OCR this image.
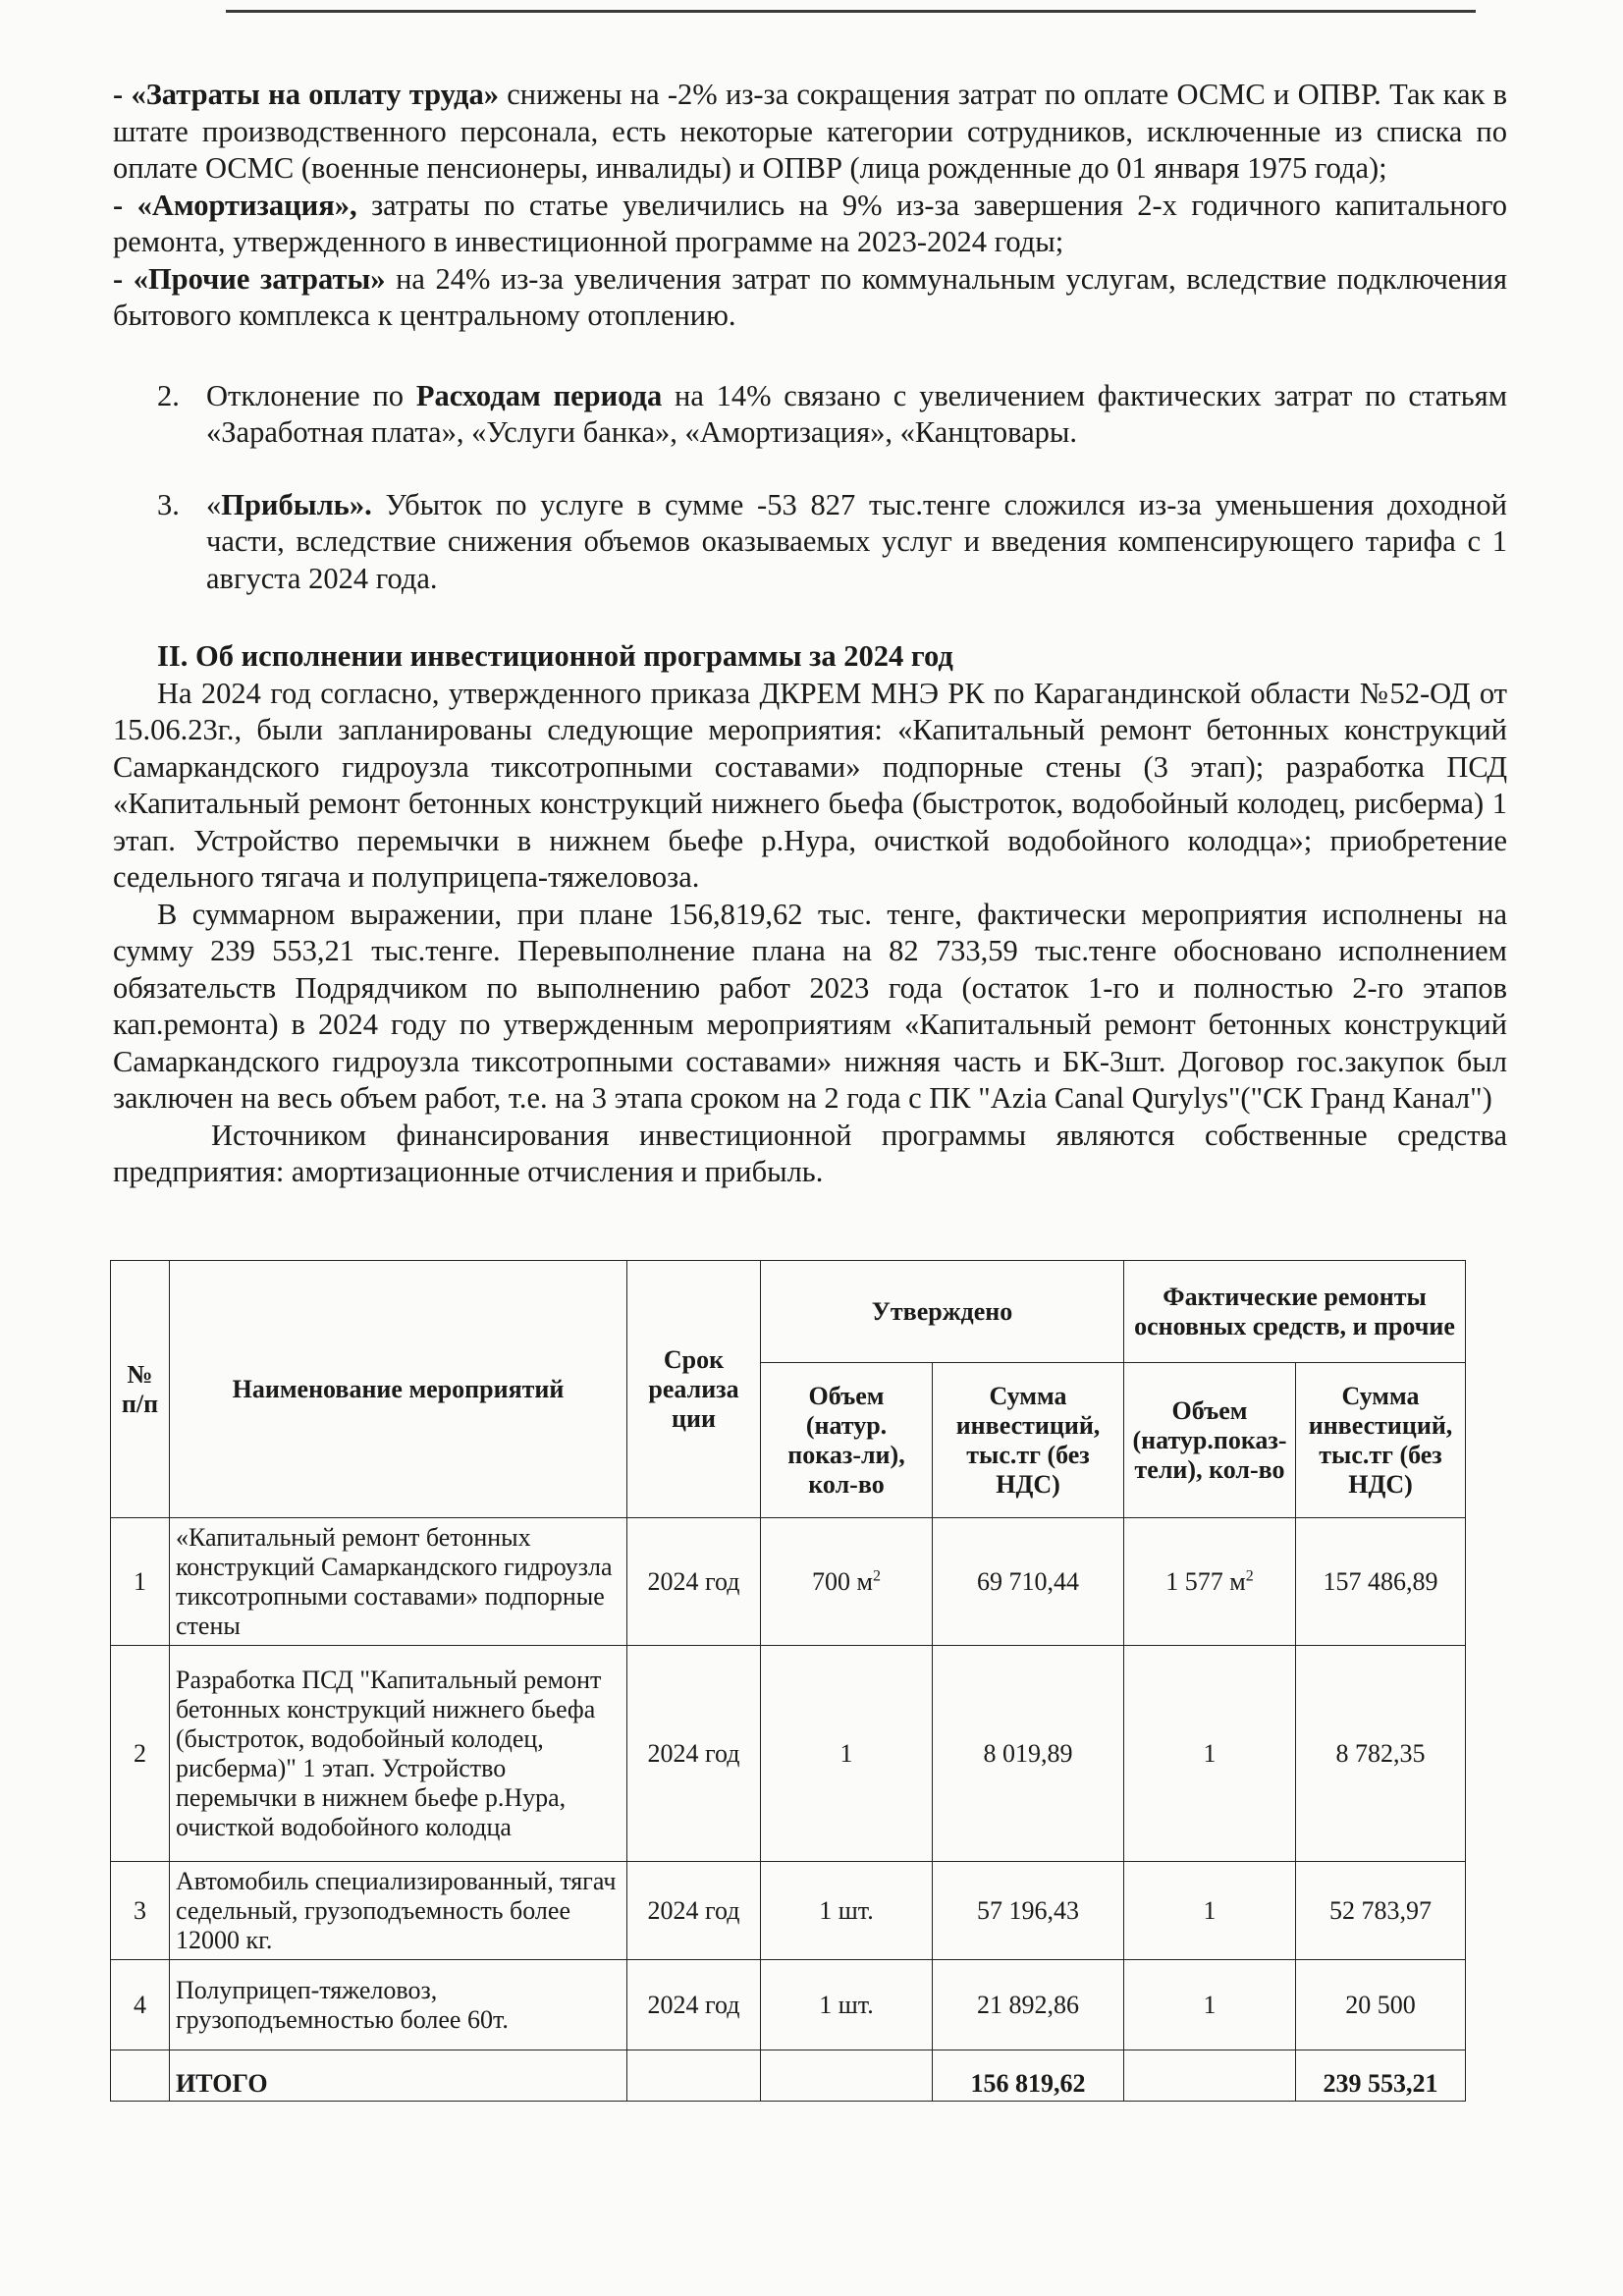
- «Затраты на оплату труда» снижены на -2% из-за сокращения затрат по оплате ОСМС и ОПВР. Так как в штате производственного персонала, есть некоторые категории сотрудников, исключенные из списка по оплате ОСМС (военные пенсионеры, инвалиды) и ОПВР (лица рожденные до 01 января 1975 года);

- «Амортизация», затраты по статье увеличились на 9% из-за завершения 2-х годичного капитального ремонта, утвержденного в инвестиционной программе на 2023-2024 годы;

- «Прочие затраты» на 24% из-за увеличения затрат по коммунальным услугам, вследствие подключения бытового комплекса к центральному отоплению.

2. Отклонение по Расходам периода на 14% связано с увеличением фактических затрат по статьям «Заработная плата», «Услуги банка», «Амортизация», «Канцтовары.
3. «Прибыль». Убыток по услуге в сумме -53 827 тыс.тенге сложился из-за уменьшения доходной части, вследствие снижения объемов оказываемых услуг и введения компенсирующего тарифа с 1 августа 2024 года.
II. Об исполнении инвестиционной программы за 2024 год

На 2024 год согласно, утвержденного приказа ДКРЕМ МНЭ РК по Карагандинской области №52-ОД от 15.06.23г., были запланированы следующие мероприятия: «Капитальный ремонт бетонных конструкций Самаркандского гидроузла тиксотропными составами» подпорные стены (3 этап); разработка ПСД «Капитальный ремонт бетонных конструкций нижнего бьефа (быстроток, водобойный колодец, рисберма) 1 этап. Устройство перемычки в нижнем бьефе р.Нура, очисткой водобойного колодца»; приобретение седельного тягача и полуприцепа-тяжеловоза.

В суммарном выражении, при плане 156,819,62 тыс. тенге, фактически мероприятия исполнены на сумму 239 553,21 тыс.тенге. Перевыполнение плана на 82 733,59 тыс.тенге обосновано исполнением обязательств Подрядчиком по выполнению работ 2023 года (остаток 1-го и полностью 2-го этапов кап.ремонта) в 2024 году по утвержденным мероприятиям «Капитальный ремонт бетонных конструкций Самаркандского гидроузла тиксотропными составами» нижняя часть и БК-3шт. Договор гос.закупок был заключен на весь объем работ, т.е. на 3 этапа сроком на 2 года с ПК "Azia Canal Qurylys"("СК Гранд Канал")

Источником финансирования инвестиционной программы являются собственные средства предприятия: амортизационные отчисления и прибыль.

№ п/п	Наименование мероприятий	Срок реализа ции	Утверждено		Фактические ремонты основных средств, и прочие	
			Объем (натур. показ-ли), кол-во	Сумма инвестиций, тыс.тг (без НДС)	Объем (натур.показ-тели), кол-во	Сумма инвестиций, тыс.тг (без НДС)
1	«Капитальный ремонт бетонных конструкций Самаркандского гидроузла тиксотропными составами» подпорные стены	2024 год	700 $м^2$	69 710,44	1 577 $м^2$	157 486,89
2	Разработка ПСД "Капитальный ремонт бетонных конструкций нижнего бьефа (быстроток, водобойный колодец, рисберма)" 1 этап. Устройство перемычки в нижнем бьефе р.Нура, очисткой водобойного колодца	2024 год	1	8 019,89	1	8 782,35
3	Автомобиль специализированный, тягач седельный, грузоподъемность более 12000 кг.	2024 год	1 шт.	57 196,43	1	52 783,97
4	Полуприцеп-тяжеловоз, грузоподъемностью более 60т.	2024 год	1 шт.	21 892,86	1	20 500
	ИТОГО			156 819,62		239 553,21
